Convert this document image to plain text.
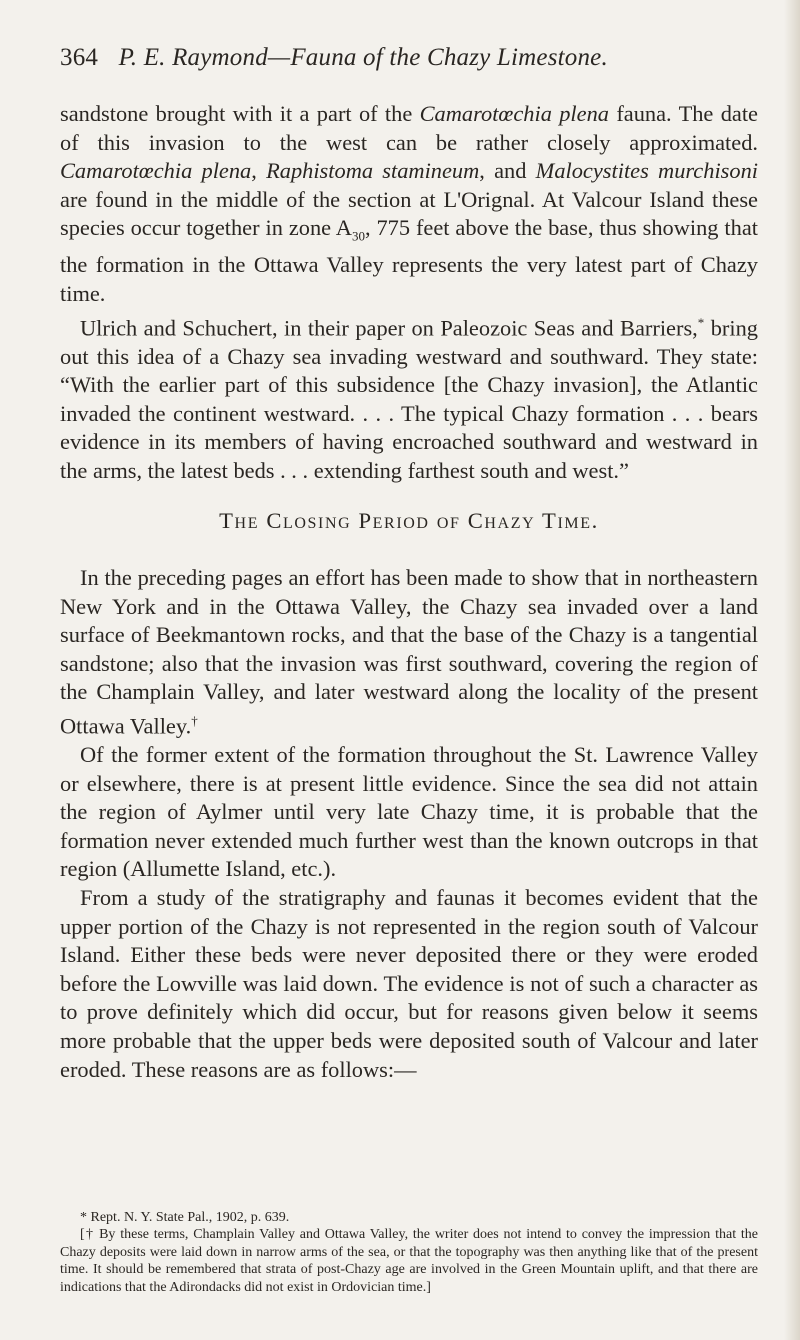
364 P. E. Raymond—Fauna of the Chazy Limestone.

sandstone brought with it a part of the Camarotœchia plena fauna. The date of this invasion to the west can be rather closely approximated. Camarotœchia plena, Raphistoma stamineum, and Malocystites murchisoni are found in the middle of the section at L'Orignal. At Valcour Island these species occur together in zone $A_{30}$, 775 feet above the base, thus showing that the formation in the Ottawa Valley represents the very latest part of Chazy time.

Ulrich and Schuchert, in their paper on Paleozoic Seas and Barriers,* bring out this idea of a Chazy sea invading westward and southward. They state: “With the earlier part of this subsidence [the Chazy invasion], the Atlantic invaded the continent westward. . . . The typical Chazy formation . . . bears evidence in its members of having encroached southward and westward in the arms, the latest beds . . . extending farthest south and west.”

The Closing Period of Chazy Time.

In the preceding pages an effort has been made to show that in northeastern New York and in the Ottawa Valley, the Chazy sea invaded over a land surface of Beekmantown rocks, and that the base of the Chazy is a tangential sandstone; also that the invasion was first southward, covering the region of the Champlain Valley, and later westward along the locality of the present Ottawa Valley.†

Of the former extent of the formation throughout the St. Lawrence Valley or elsewhere, there is at present little evidence. Since the sea did not attain the region of Aylmer until very late Chazy time, it is probable that the formation never extended much further west than the known outcrops in that region (Allumette Island, etc.).

From a study of the stratigraphy and faunas it becomes evident that the upper portion of the Chazy is not represented in the region south of Valcour Island. Either these beds were never deposited there or they were eroded before the Lowville was laid down. The evidence is not of such a character as to prove definitely which did occur, but for reasons given below it seems more probable that the upper beds were deposited south of Valcour and later eroded. These reasons are as follows:—

* Rept. N. Y. State Pal., 1902, p. 639.

[† By these terms, Champlain Valley and Ottawa Valley, the writer does not intend to convey the impression that the Chazy deposits were laid down in narrow arms of the sea, or that the topography was then anything like that of the present time. It should be remembered that strata of post-Chazy age are involved in the Green Mountain uplift, and that there are indications that the Adirondacks did not exist in Ordovician time.]
